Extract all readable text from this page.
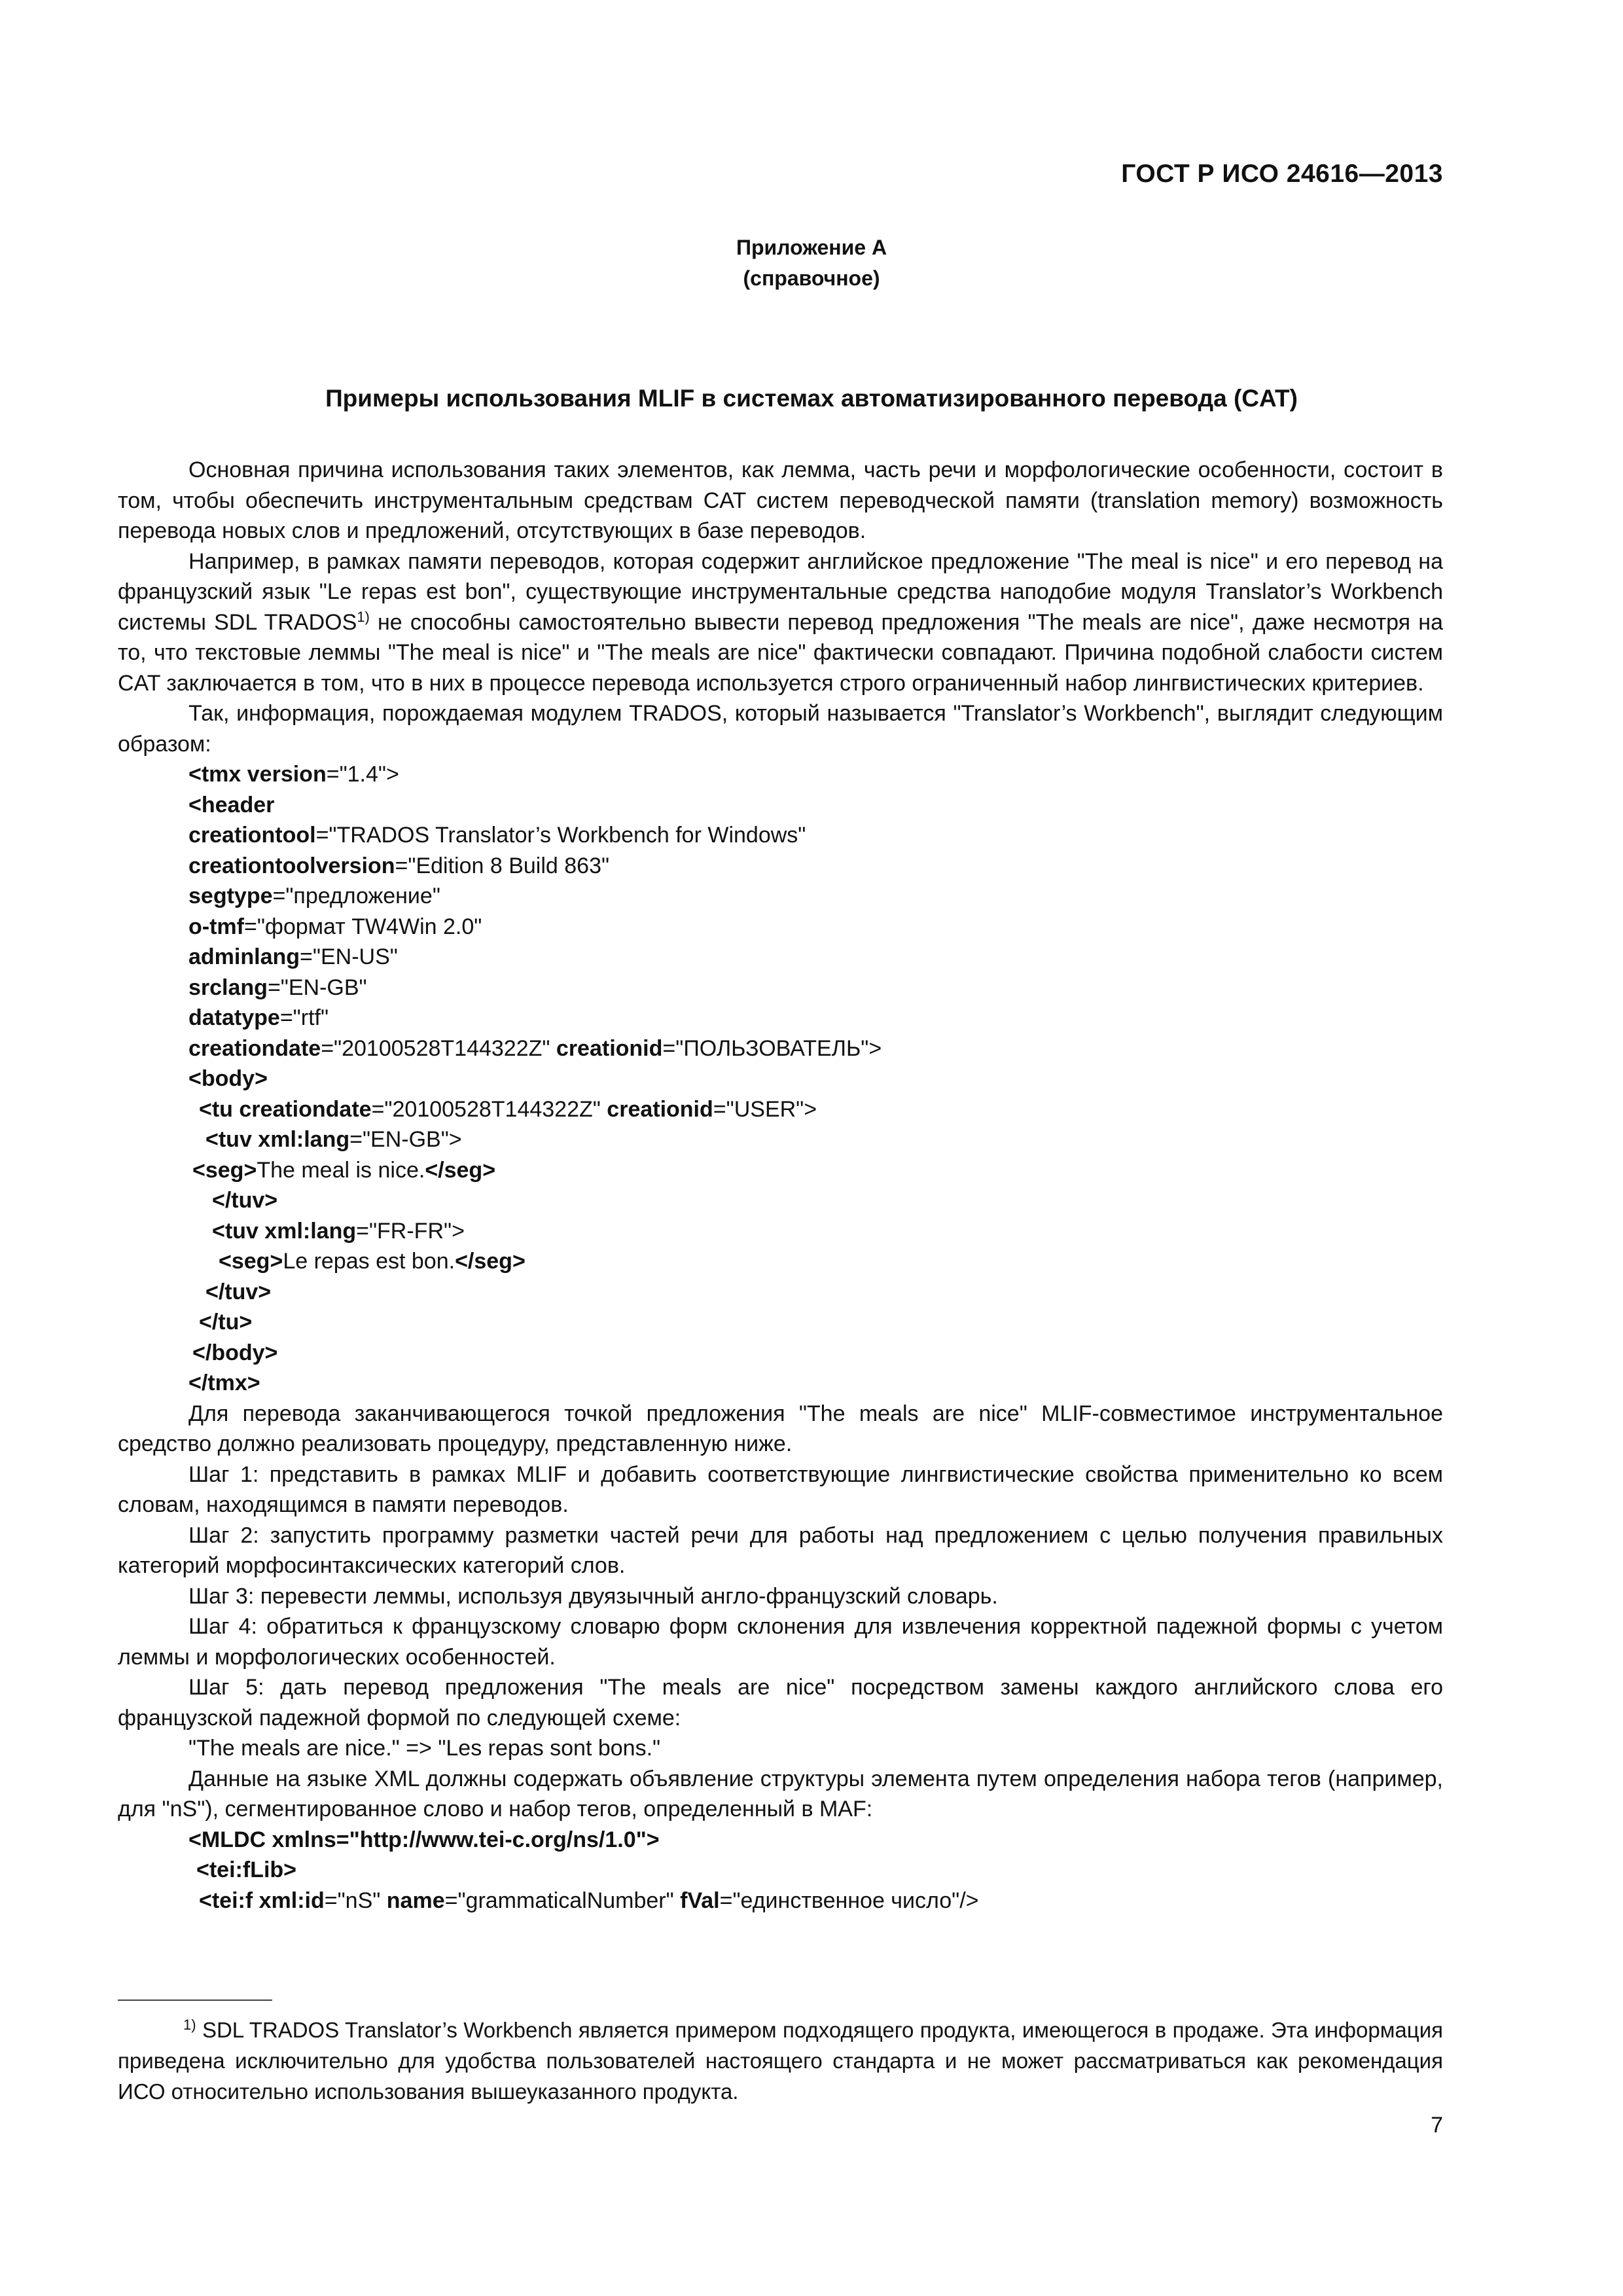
ГОСТ Р ИСО 24616—2013
Приложение А
(справочное)
Примеры использования MLIF в системах автоматизированного перевода (CAT)

Основная причина использования таких элементов, как лемма, часть речи и морфологические особенности, состоит в том, чтобы обеспечить инструментальным средствам CAT систем переводческой памяти (translation memory) возможность перевода новых слов и предложений, отсутствующих в базе переводов.

Например, в рамках памяти переводов, которая содержит английское предложение "The meal is nice" и его перевод на французский язык "Le repas est bon", существующие инструментальные средства наподобие модуля Translator’s Workbench системы SDL TRADOS$^{1)}$ не способны самостоятельно вывести перевод предложения "The meals are nice", даже несмотря на то, что текстовые леммы "The meal is nice" и "The meals are nice" фактически совпадают. Причина подобной слабости систем CAT заключается в том, что в них в процессе перевода используется строго ограниченный набор лингвистических критериев.

Так, информация, порождаемая модулем TRADOS, который называется "Translator’s Workbench", выглядит следующим образом:

<tmx version="1.4">
<header
creationtool="TRADOS Translator’s Workbench for Windows"
creationtoolversion="Edition 8 Build 863"
segtype="предложение"
o-tmf="формат TW4Win 2.0"
adminlang="EN-US"
srclang="EN-GB"
datatype="rtf"
creationdate="20100528T144322Z" creationid="ПОЛЬЗОВАТЕЛЬ">
<body>
<tu creationdate="20100528T144322Z" creationid="USER">
<tuv xml:lang="EN-GB">
<seg>The meal is nice.</seg>
</tuv>
<tuv xml:lang="FR-FR">
<seg>Le repas est bon.</seg>
</tuv>
</tu>
</body>
</tmx>

Для перевода заканчивающегося точкой предложения "The meals are nice" MLIF-совместимое инструментальное средство должно реализовать процедуру, представленную ниже.

Шаг 1: представить в рамках MLIF и добавить соответствующие лингвистические свойства применительно ко всем словам, находящимся в памяти переводов.

Шаг 2: запустить программу разметки частей речи для работы над предложением с целью получения правильных категорий морфосинтаксических категорий слов.

Шаг 3: перевести леммы, используя двуязычный англо-французский словарь.

Шаг 4: обратиться к французскому словарю форм склонения для извлечения корректной падежной формы с учетом леммы и морфологических особенностей.

Шаг 5: дать перевод предложения "The meals are nice" посредством замены каждого английского слова его французской падежной формой по следующей схеме:

"The meals are nice." => "Les repas sont bons."

Данные на языке XML должны содержать объявление структуры элемента путем определения набора тегов (например, для "nS"), сегментированное слово и набор тегов, определенный в MAF:

<MLDC xmlns="http://www.tei-c.org/ns/1.0">
<tei:fLib>
<tei:f xml:id="nS" name="grammaticalNumber" fVal="единственное число"/>

$^{1)}$ SDL TRADOS Translator’s Workbench является примером подходящего продукта, имеющегося в продаже. Эта информация приведена исключительно для удобства пользователей настоящего стандарта и не может рассматриваться как рекомендация ИСО относительно использования вышеуказанного продукта.

7
